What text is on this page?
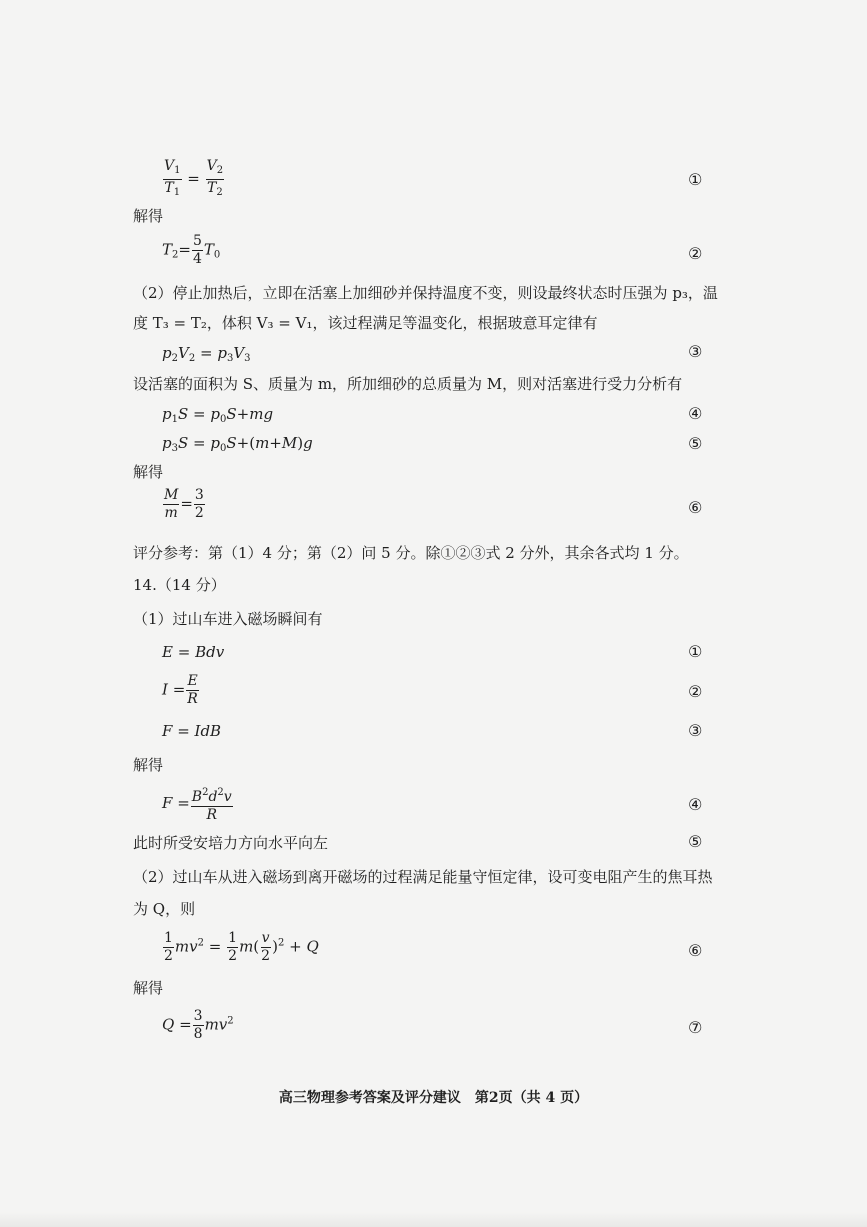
$\frac{V_1}{T_1} = \frac{V_2}{T_2}$	①
解得
$T_2= \frac{5}{4} T_0$	②
（2）停止加热后，立即在活塞上加细砂并保持温度不变，则设最终状态时压强为 p₃，温
度 T₃ = T₂，体积 V₃ = V₁，该过程满足等温变化，根据玻意耳定律有
$p_2V_2 = p_3V_3$	③
设活塞的面积为 S、质量为 m，所加细砂的总质量为 M，则对活塞进行受力分析有
$p_1S = p_0S+mg$	④
$p_3S = p_0S+(m+M)g$	⑤
解得
$\frac{M}{m} = \frac{3}{2}$	⑥
评分参考：第（1）4 分；第（2）问 5 分。除①②③式 2 分外，其余各式均 1 分。
14.（14 分）
（1）过山车进入磁场瞬间有
E = Bdv	①
$I = \frac{E}{R}$	②
F = IdB	③
解得
$F = \frac{B^2d^2v}{R}$	④
此时所受安培力方向水平向左	⑤
（2）过山车从进入磁场到离开磁场的过程满足能量守恒定律，设可变电阻产生的焦耳热
为 Q，则
$\frac{1}{2} mv^2 = \frac{1}{2} m( \frac{v}{2} )^2 + Q$	⑥
解得
$Q = \frac{3}{8} mv^2$	⑦
高三物理参考答案及评分建议　第2页（共 4 页）
